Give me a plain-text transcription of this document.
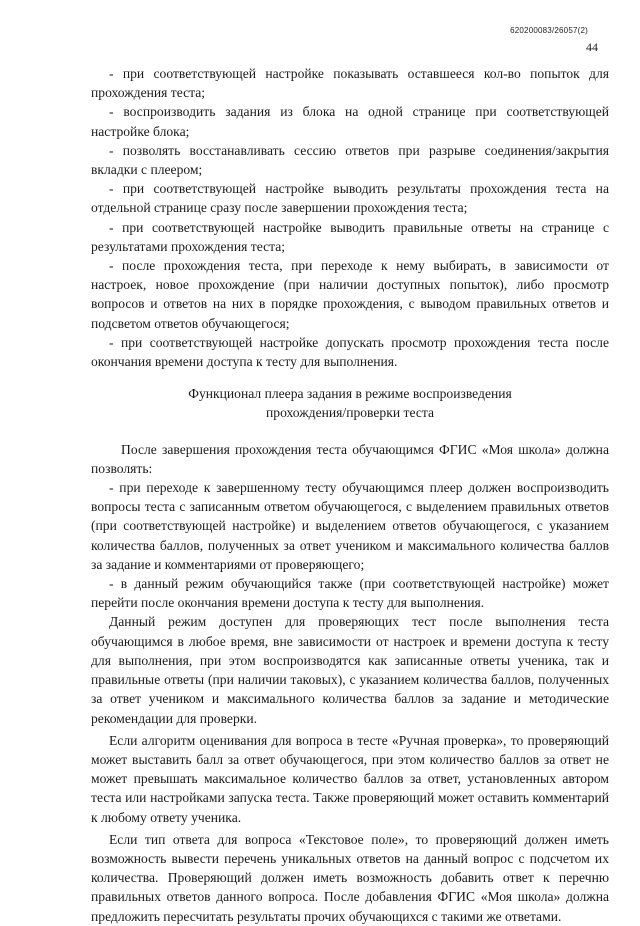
620200083/26057(2)
44

- при соответствующей настройке показывать оставшееся кол-во попыток для прохождения теста;

- воспроизводить задания из блока на одной странице при соответствующей настройке блока;

- позволять восстанавливать сессию ответов при разрыве соединения/закрытия вкладки с плеером;

- при соответствующей настройке выводить результаты прохождения теста на отдельной странице сразу после завершении прохождения теста;

- при соответствующей настройке выводить правильные ответы на странице с результатами прохождения теста;

- после прохождения теста, при переходе к нему выбирать, в зависимости от настроек, новое прохождение (при наличии доступных попыток), либо просмотр вопросов и ответов на них в порядке прохождения, с выводом правильных ответов и подсветом ответов обучающегося;

- при соответствующей настройке допускать просмотр прохождения теста после окончания времени доступа к тесту для выполнения.

Функционал плеера задания в режиме воспроизведения
прохождения/проверки теста

После завершения прохождения теста обучающимся ФГИС «Моя школа» должна позволять:

- при переходе к завершенному тесту обучающимся плеер должен воспроизводить вопросы теста с записанным ответом обучающегося, с выделением правильных ответов (при соответствующей настройке) и выделением ответов обучающегося, с указанием количества баллов, полученных за ответ учеником и максимального количества баллов за задание и комментариями от проверяющего;

- в данный режим обучающийся также (при соответствующей настройке) может перейти после окончания времени доступа к тесту для выполнения.

Данный режим доступен для проверяющих тест после выполнения теста обучающимся в любое время, вне зависимости от настроек и времени доступа к тесту для выполнения, при этом воспроизводятся как записанные ответы ученика, так и правильные ответы (при наличии таковых), с указанием количества баллов, полученных за ответ учеником и максимального количества баллов за задание и методические рекомендации для проверки.

Если алгоритм оценивания для вопроса в тесте «Ручная проверка», то проверяющий может выставить балл за ответ обучающегося, при этом количество баллов за ответ не может превышать максимальное количество баллов за ответ, установленных автором теста или настройками запуска теста. Также проверяющий может оставить комментарий к любому ответу ученика.

Если тип ответа для вопроса «Текстовое поле», то проверяющий должен иметь возможность вывести перечень уникальных ответов на данный вопрос с подсчетом их количества. Проверяющий должен иметь возможность добавить ответ к перечню правильных ответов данного вопроса. После добавления ФГИС «Моя школа» должна предложить пересчитать результаты прочих обучающихся с такими же ответами.
